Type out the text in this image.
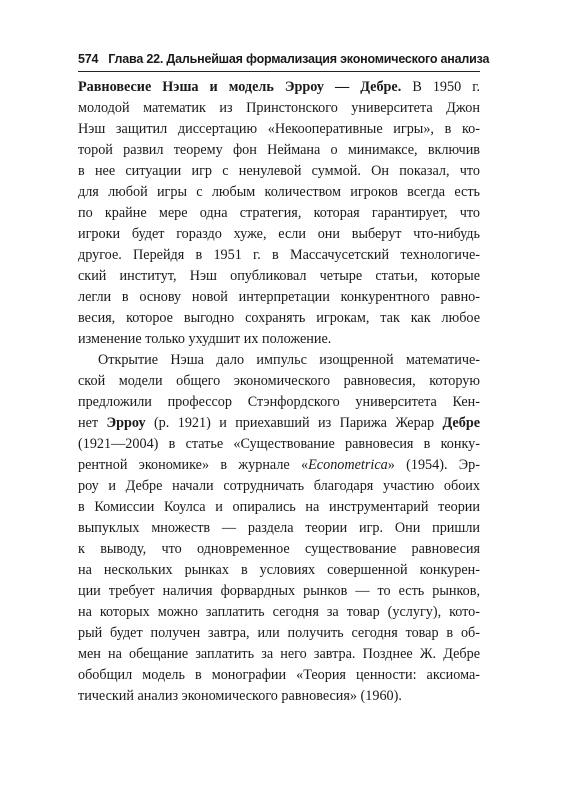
574 Глава 22. Дальнейшая формализация экономического анализа
Равновесие Нэша и модель Эрроу — Дебре. В 1950 г.
молодой математик из Принстонского университета Джон
Нэш защитил диссертацию «Некооперативные игры», в ко-
торой развил теорему фон Неймана о минимаксе, включив
в нее ситуации игр с ненулевой суммой. Он показал, что
для любой игры с любым количеством игроков всегда есть
по крайне мере одна стратегия, которая гарантирует, что
игроки будет гораздо хуже, если они выберут что-нибудь
другое. Перейдя в 1951 г. в Массачусетский технологиче-
ский институт, Нэш опубликовал четыре статьи, которые
легли в основу новой интерпретации конкурентного равно-
весия, которое выгодно сохранять игрокам, так как любое
изменение только ухудшит их положение.
Открытие Нэша дало импульс изощренной математиче-
ской модели общего экономического равновесия, которую
предложили профессор Стэнфордского университета Кен-
нет Эрроу (р. 1921) и приехавший из Парижа Жерар Дебре
(1921—2004) в статье «Существование равновесия в конку-
рентной экономике» в журнале «Econometrica» (1954). Эр-
роу и Дебре начали сотрудничать благодаря участию обоих
в Комиссии Коулса и опирались на инструментарий теории
выпуклых множеств — раздела теории игр. Они пришли
к выводу, что одновременное существование равновесия
на нескольких рынках в условиях совершенной конкурен-
ции требует наличия форвардных рынков — то есть рынков,
на которых можно заплатить сегодня за товар (услугу), кото-
рый будет получен завтра, или получить сегодня товар в об-
мен на обещание заплатить за него завтра. Позднее Ж. Дебре
обобщил модель в монографии «Теория ценности: аксиома-
тический анализ экономического равновесия» (1960).
